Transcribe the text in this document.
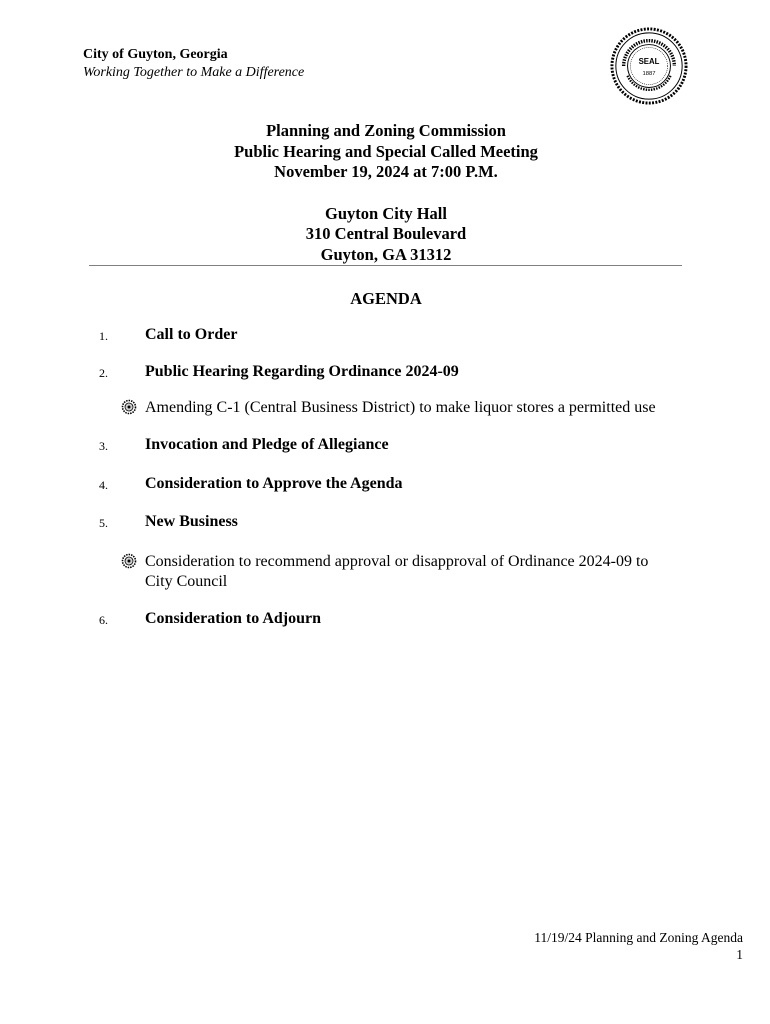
City of Guyton, Georgia
Working Together to Make a Difference
SEAL
1887
Planning and Zoning Commission
Public Hearing and Special Called Meeting
November 19, 2024 at 7:00 P.M.
Guyton City Hall
310 Central Boulevard
Guyton, GA 31312
AGENDA
1. Call to Order
2. Public Hearing Regarding Ordinance 2024-09
Amending C-1 (Central Business District) to make liquor stores a permitted use
3. Invocation and Pledge of Allegiance
4. Consideration to Approve the Agenda
5. New Business
Consideration to recommend approval or disapproval of Ordinance 2024-09 to City Council
6. Consideration to Adjourn
11/19/24 Planning and Zoning Agenda
1
